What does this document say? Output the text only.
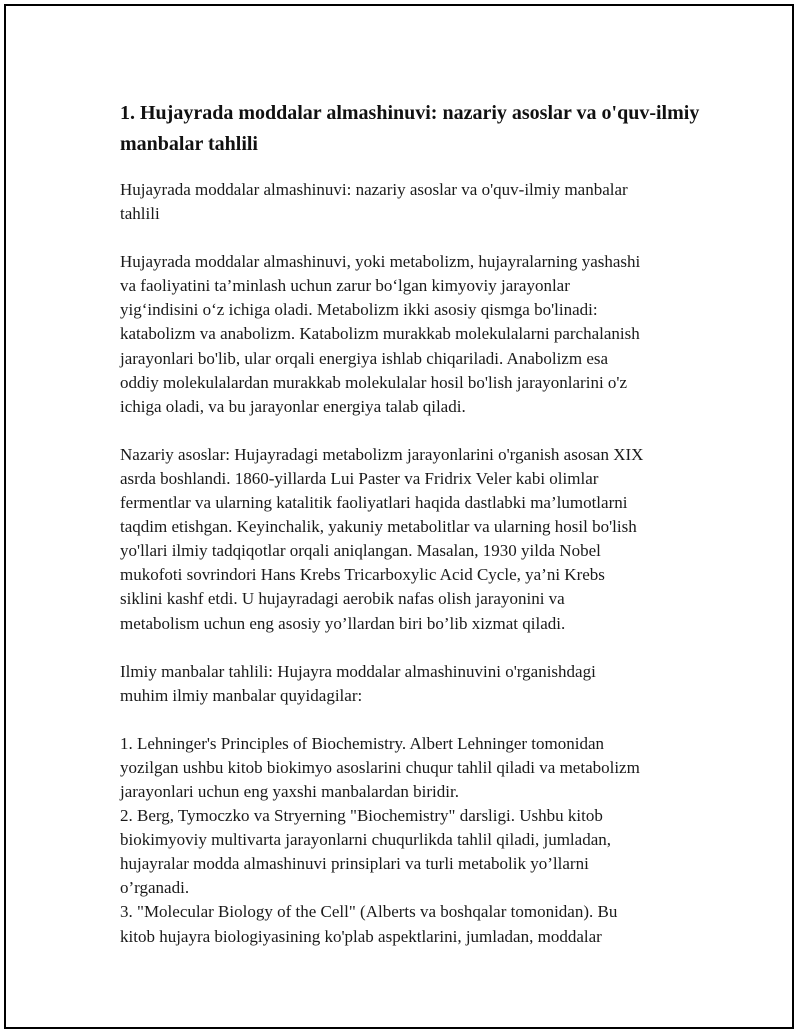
1. Hujayrada moddalar almashinuvi: nazariy asoslar va o'quv-ilmiy manbalar tahlili

Hujayrada moddalar almashinuvi: nazariy asoslar va o'quv-ilmiy manbalar
tahlili

Hujayrada moddalar almashinuvi, yoki metabolizm, hujayralarning yashashi
va faoliyatini ta’minlash uchun zarur bo‘lgan kimyoviy jarayonlar
yig‘indisini o‘z ichiga oladi. Metabolizm ikki asosiy qismga bo'linadi:
katabolizm va anabolizm. Katabolizm murakkab molekulalarni parchalanish
jarayonlari bo'lib, ular orqali energiya ishlab chiqariladi. Anabolizm esa
oddiy molekulalardan murakkab molekulalar hosil bo'lish jarayonlarini o'z
ichiga oladi, va bu jarayonlar energiya talab qiladi.

Nazariy asoslar: Hujayradagi metabolizm jarayonlarini o'rganish asosan XIX
asrda boshlandi. 1860-yillarda Lui Paster va Fridrix Veler kabi olimlar
fermentlar va ularning katalitik faoliyatlari haqida dastlabki ma’lumotlarni
taqdim etishgan. Keyinchalik, yakuniy metabolitlar va ularning hosil bo'lish
yo'llari ilmiy tadqiqotlar orqali aniqlangan. Masalan, 1930 yilda Nobel
mukofoti sovrindori Hans Krebs Tricarboxylic Acid Cycle, ya’ni Krebs
siklini kashf etdi. U hujayradagi aerobik nafas olish jarayonini va
metabolism uchun eng asosiy yo’llardan biri bo’lib xizmat qiladi.

Ilmiy manbalar tahlili: Hujayra moddalar almashinuvini o'rganishdagi
muhim ilmiy manbalar quyidagilar:

1. Lehninger's Principles of Biochemistry. Albert Lehninger tomonidan
yozilgan ushbu kitob biokimyo asoslarini chuqur tahlil qiladi va metabolizm
jarayonlari uchun eng yaxshi manbalardan biridir.
2. Berg, Tymoczko va Stryerning "Biochemistry" darsligi. Ushbu kitob
biokimyoviy multivarta jarayonlarni chuqurlikda tahlil qiladi, jumladan,
hujayralar modda almashinuvi prinsiplari va turli metabolik yo’llarni
o’rganadi.
3. "Molecular Biology of the Cell" (Alberts va boshqalar tomonidan). Bu
kitob hujayra biologiyasining ko'plab aspektlarini, jumladan, moddalar
